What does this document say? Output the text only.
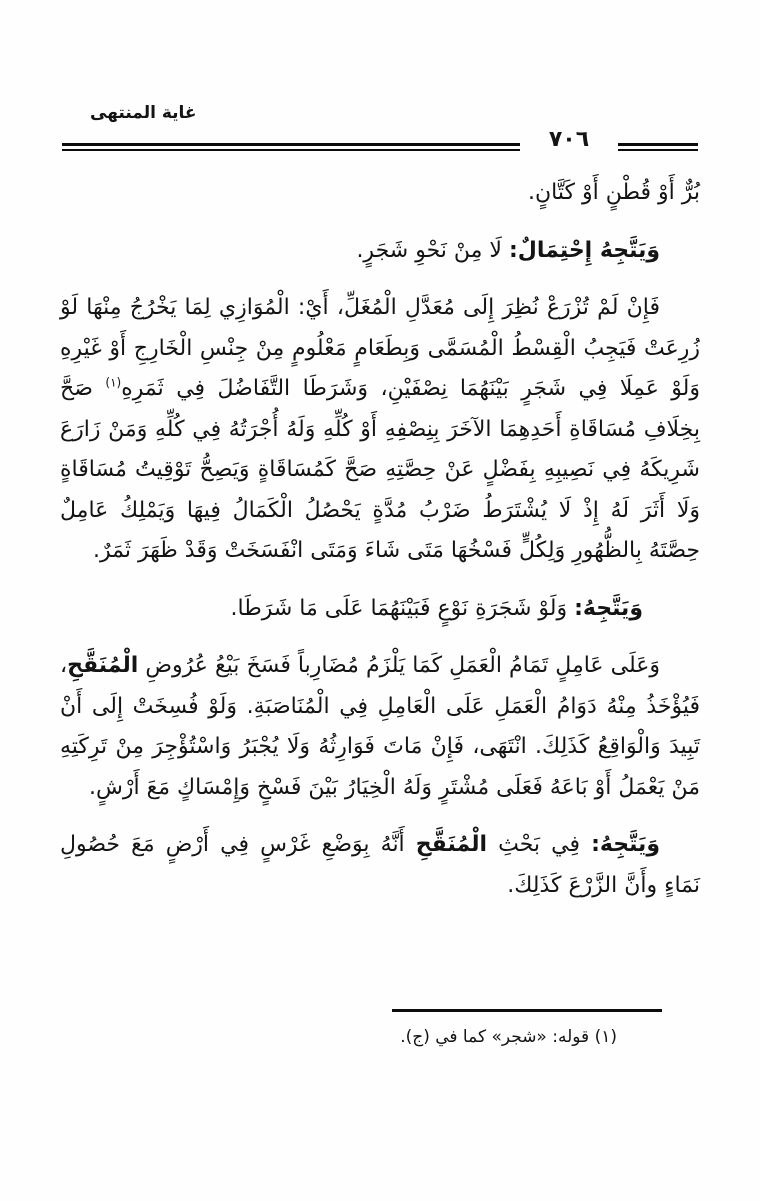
غاية المنتهى
٧٠٦

بُرٌّ أَوْ قُطْنٍ أَوْ كَتَّانٍ.

وَيَتَّجِهُ إِحْتِمَالٌ: لَا مِنْ نَحْوِ شَجَرٍ.

فَإِنْ لَمْ تُزْرَعْ نُظِرَ إِلَى مُعَدَّلِ الْمُغَلِّ، أَيْ: الْمُوَازِي لِمَا يَخْرُجُ مِنْهَا لَوْ زُرِعَتْ فَيَجِبُ الْقِسْطُ الْمُسَمَّى وَبِطَعَامٍ مَعْلُومٍ مِنْ جِنْسِ الْخَارِجِ أَوْ غَيْرِهِ وَلَوْ عَمِلَا فِي شَجَرٍ بَيْنَهُمَا نِصْفَيْنِ، وَشَرَطَا التَّفَاضُلَ فِي ثَمَرِهِ$^{(١)}$ صَحَّ بِخِلَافِ مُسَاقَاةِ أَحَدِهِمَا الآخَرَ بِنِصْفِهِ أَوْ كُلِّهِ وَلَهُ أُجْرَتُهُ فِي كُلِّهِ وَمَنْ زَارَعَ شَرِيكَهُ فِي نَصِيبِهِ بِفَضْلٍ عَنْ حِصَّتِهِ صَحَّ كَمُسَاقَاةٍ وَيَصِحُّ تَوْقِيتُ مُسَاقَاةٍ وَلَا أَثَرَ لَهُ إِذْ لَا يُشْتَرَطُ ضَرْبُ مُدَّةٍ يَحْصُلُ الْكَمَالُ فِيهَا وَيَمْلِكُ عَامِلٌ حِصَّتَهُ بِالظُّهُورِ وَلِكُلٍّ فَسْخُهَا مَتَى شَاءَ وَمَتَى انْفَسَخَتْ وَقَدْ ظَهَرَ ثَمَرٌ.

وَيَتَّجِهُ: وَلَوْ شَجَرَةِ نَوْعٍ فَبَيْنَهُمَا عَلَى مَا شَرَطَا.

وَعَلَى عَامِلٍ تَمَامُ الْعَمَلِ كَمَا يَلْزَمُ مُضَارِباً فَسَخَ بَيْعُ عُرُوضِ الْمُنَقَّحِ، فَيُؤْخَذُ مِنْهُ دَوَامُ الْعَمَلِ عَلَى الْعَامِلِ فِي الْمُنَاصَبَةِ. وَلَوْ فُسِخَتْ إِلَى أَنْ تَبِيدَ وَالْوَاقِعُ كَذَلِكَ. انْتَهَى، فَإِنْ مَاتَ فَوَارِثُهُ وَلَا يُجْبَرُ وَاسْتُؤْجِرَ مِنْ تَرِكَتِهِ مَنْ يَعْمَلُ أَوْ بَاعَهُ فَعَلَى مُشْتَرٍ وَلَهُ الْخِيَارُ بَيْنَ فَسْخٍ وَإِمْسَاكٍ مَعَ أَرْشٍ.

وَيَتَّجِهُ: فِي بَحْثِ الْمُنَقَّحِ أَنَّهُ بِوَضْعِ غَرْسٍ فِي أَرْضٍ مَعَ حُصُولِ نَمَاءٍ وأَنَّ الزَّرْعَ كَذَلِكَ.

(١) قوله: «شجر» كما في (ج).
